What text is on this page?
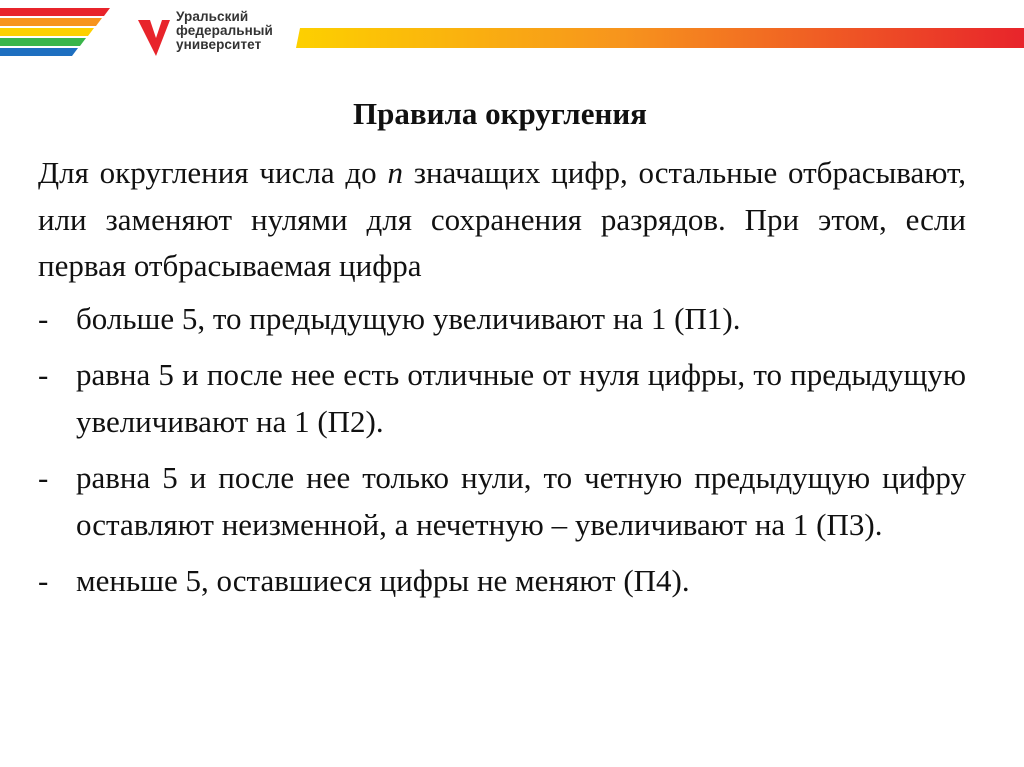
Уральский
федеральный
университет
Правила округления

Для округления числа до n значащих цифр, остальные отбрасывают, или заменяют нулями для сохранения разрядов. При этом, если первая отбрасываемая цифра

- больше 5, то предыдущую увеличивают на 1 (П1).
- равна 5 и после нее есть отличные от нуля цифры, то предыдущую увеличивают на 1 (П2).
- равна 5 и после нее только нули, то четную предыдущую цифру оставляют неизменной, а нечетную – увеличивают на 1 (П3).
- меньше 5, оставшиеся цифры не меняют (П4).
